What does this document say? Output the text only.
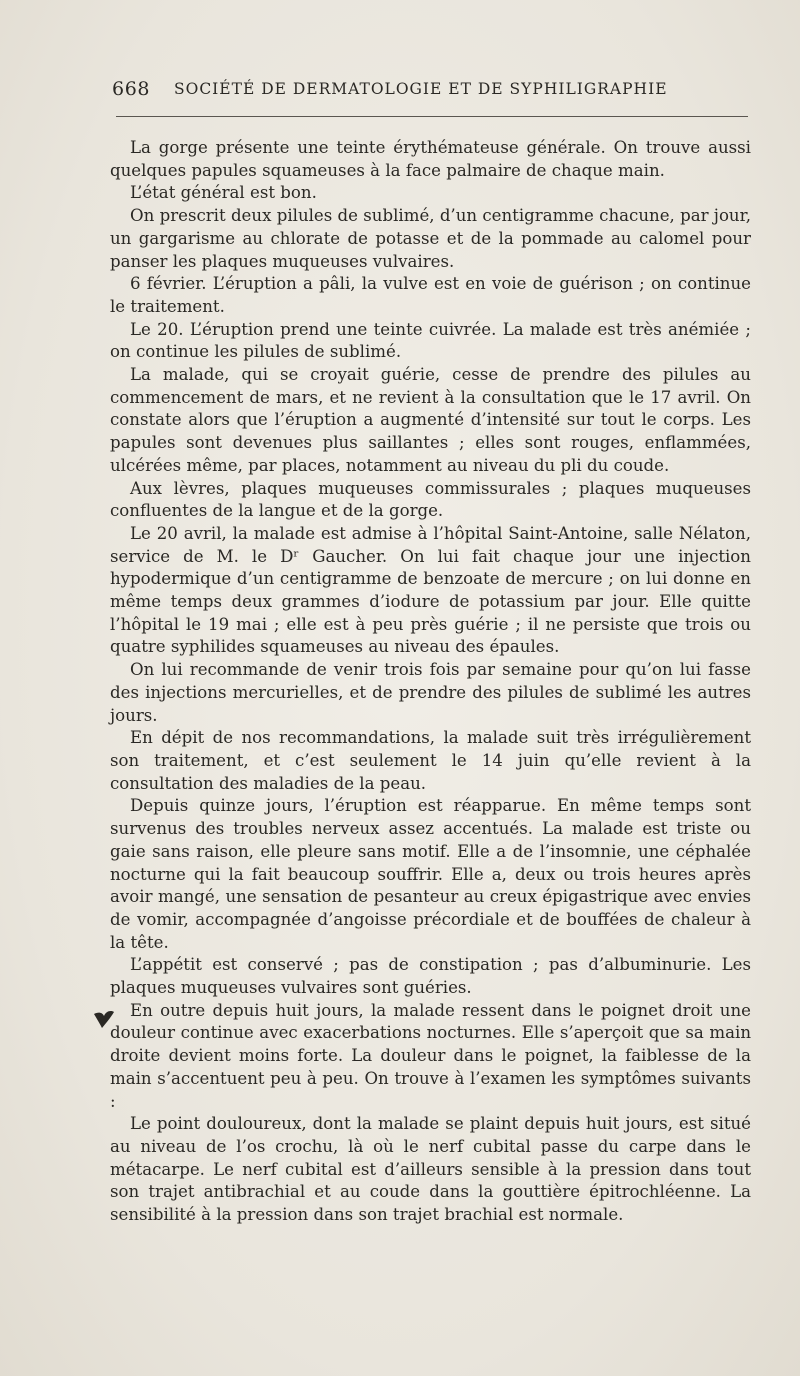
668 SOCIÉTÉ DE DERMATOLOGIE ET DE SYPHILIGRAPHIE

La gorge présente une teinte érythémateuse générale. On trouve aussi quelques papules squameuses à la face palmaire de chaque main.

L’état général est bon.

On prescrit deux pilules de sublimé, d’un centigramme chacune, par jour, un gargarisme au chlorate de potasse et de la pommade au calomel pour panser les plaques muqueuses vulvaires.

6 février. L’éruption a pâli, la vulve est en voie de guérison ; on continue le traitement.

Le 20. L’éruption prend une teinte cuivrée. La malade est très anémiée ; on continue les pilules de sublimé.

La malade, qui se croyait guérie, cesse de prendre des pilules au commencement de mars, et ne revient à la consultation que le 17 avril. On constate alors que l’éruption a augmenté d’intensité sur tout le corps. Les papules sont devenues plus saillantes ; elles sont rouges, enflammées, ulcérées même, par places, notamment au niveau du pli du coude.

Aux lèvres, plaques muqueuses commissurales ; plaques muqueuses confluentes de la langue et de la gorge.

Le 20 avril, la malade est admise à l’hôpital Saint-Antoine, salle Nélaton, service de M. le Dʳ Gaucher. On lui fait chaque jour une injection hypodermique d’un centigramme de benzoate de mercure ; on lui donne en même temps deux grammes d’iodure de potassium par jour. Elle quitte l’hôpital le 19 mai ; elle est à peu près guérie ; il ne persiste que trois ou quatre syphilides squameuses au niveau des épaules.

On lui recommande de venir trois fois par semaine pour qu’on lui fasse des injections mercurielles, et de prendre des pilules de sublimé les autres jours.

En dépit de nos recommandations, la malade suit très irrégulièrement son traitement, et c’est seulement le 14 juin qu’elle revient à la consultation des maladies de la peau.

Depuis quinze jours, l’éruption est réapparue. En même temps sont survenus des troubles nerveux assez accentués. La malade est triste ou gaie sans raison, elle pleure sans motif. Elle a de l’insomnie, une céphalée nocturne qui la fait beaucoup souffrir. Elle a, deux ou trois heures après avoir mangé, une sensation de pesanteur au creux épigastrique avec envies de vomir, accompagnée d’angoisse précordiale et de bouffées de chaleur à la tête.

L’appétit est conservé ; pas de constipation ; pas d’albuminurie. Les plaques muqueuses vulvaires sont guéries.

En outre depuis huit jours, la malade ressent dans le poignet droit une douleur continue avec exacerbations nocturnes. Elle s’aperçoit que sa main droite devient moins forte. La douleur dans le poignet, la faiblesse de la main s’accentuent peu à peu. On trouve à l’examen les symptômes suivants :

Le point douloureux, dont la malade se plaint depuis huit jours, est situé au niveau de l’os crochu, là où le nerf cubital passe du carpe dans le métacarpe. Le nerf cubital est d’ailleurs sensible à la pression dans tout son trajet antibrachial et au coude dans la gouttière épitrochléenne. La sensibilité à la pression dans son trajet brachial est normale.
